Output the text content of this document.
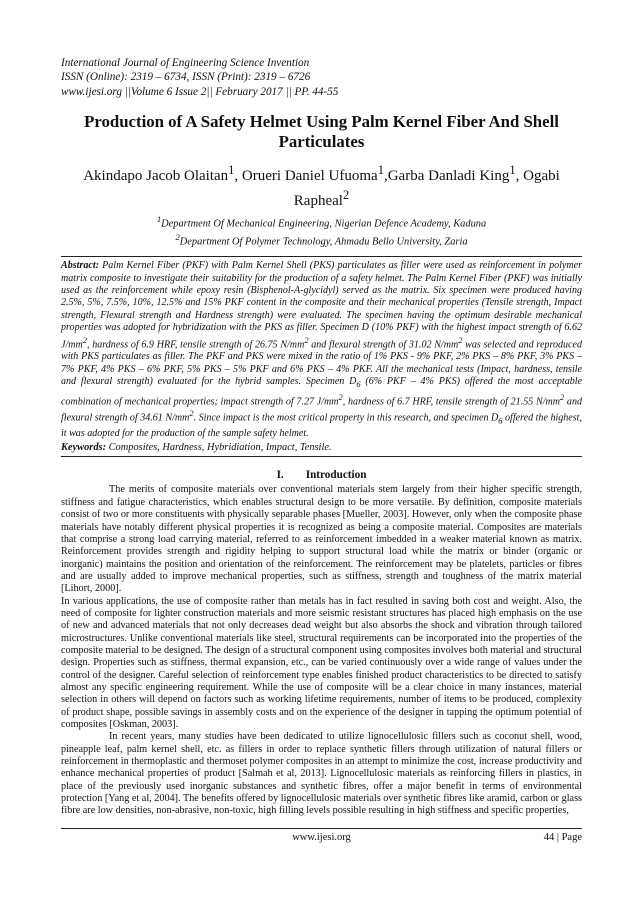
International Journal of Engineering Science Invention
ISSN (Online): 2319 – 6734, ISSN (Print): 2319 – 6726
www.ijesi.org ||Volume 6 Issue 2|| February 2017 || PP. 44-55
Production of A Safety Helmet Using Palm Kernel Fiber And Shell Particulates
Akindapo Jacob Olaitan$^1$, Orueri Daniel Ufuoma$^1$,Garba Danladi King$^1$, Ogabi Rapheal$^2$
$^1$Department Of Mechanical Engineering, Nigerian Defence Academy, Kaduna
$^2$Department Of Polymer Technology, Ahmadu Bello University, Zaria
Abstract: Palm Kernel Fiber (PKF) with Palm Kernel Shell (PKS) particulates as filler were used as reinforcement in polymer matrix composite to investigate their suitability for the production of a safety helmet. The Palm Kernel Fiber (PKF) was initially used as the reinforcement while epoxy resin (Bisphenol-A-glycidyl) served as the matrix. Six specimen were produced having 2.5%, 5%, 7.5%, 10%, 12.5% and 15% PKF content in the composite and their mechanical properties (Tensile strength, Impact strength, Flexural strength and Hardness strength) were evaluated. The specimen having the optimum desirable mechanical properties was adopted for hybridization with the PKS as filler. Specimen D (10% PKF) with the highest impact strength of 6.62 $J/mm^2$, hardness of 6.9 HRF, tensile strength of 26.75 $N/mm^2$ and flexural strength of 31.02 $N/mm^2$ was selected and reproduced with PKS particulates as filler. The PKF and PKS were mixed in the ratio of 1% PKS - 9% PKF, 2% PKS – 8% PKF, 3% PKS – 7% PKF, 4% PKS – 6% PKF, 5% PKS – 5% PKF and 6% PKS – 4% PKF. All the mechanical tests (Impact, hardness, tensile and flexural strength) evaluated for the hybrid samples. Specimen $D_6$ (6% PKF – 4% PKS) offered the most acceptable combination of mechanical properties; impact strength of 7.27 $J/mm^2$, hardness of 6.7 HRF, tensile strength of 21.55 $N/mm^2$ and flexural strength of 34.61 $N/mm^2$. Since impact is the most critical property in this research, and specimen $D_6$ offered the highest, it was adopted for the production of the sample safety helmet.
Keywords: Composites, Hardness, Hybridiation, Impact, Tensile.
I. Introduction

The merits of composite materials over conventional materials stem largely from their higher specific strength, stiffness and fatigue characteristics, which enables structural design to be more versatile. By definition, composite materials consist of two or more constituents with physically separable phases [Mueller, 2003]. However, only when the composite phase materials have notably different physical properties it is recognized as being a composite material. Composites are materials that comprise a strong load carrying material, referred to as reinforcement imbedded in a weaker material known as matrix. Reinforcement provides strength and rigidity helping to support structural load while the matrix or binder (organic or inorganic) maintains the position and orientation of the reinforcement. The reinforcement may be platelets, particles or fibres and are usually added to improve mechanical properties, such as stiffness, strength and toughness of the matrix material [Lihort, 2000].

In various applications, the use of composite rather than metals has in fact resulted in saving both cost and weight. Also, the need of composite for lighter construction materials and more seismic resistant structures has placed high emphasis on the use of new and advanced materials that not only decreases dead weight but also absorbs the shock and vibration through tailored microstructures. Unlike conventional materials like steel, structural requirements can be incorporated into the properties of the composite material to be designed. The design of a structural component using composites involves both material and structural design. Properties such as stiffness, thermal expansion, etc., can be varied continuously over a wide range of values under the control of the designer. Careful selection of reinforcement type enables finished product characteristics to be directed to satisfy almost any specific engineering requirement. While the use of composite will be a clear choice in many instances, material selection in others will depend on factors such as working lifetime requirements, number of items to be produced, complexity of product shape, possible savings in assembly costs and on the experience of the designer in tapping the optimum potential of composites [Oskman, 2003].

In recent years, many studies have been dedicated to utilize lignocellulosic fillers such as coconut shell, wood, pineapple leaf, palm kernel shell, etc. as fillers in order to replace synthetic fillers through utilization of natural fillers or reinforcement in thermoplastic and thermoset polymer composites in an attempt to minimize the cost, increase productivity and enhance mechanical properties of product [Salmah et al, 2013]. Lignocellulosic materials as reinforcing fillers in plastics, in place of the previously used inorganic substances and synthetic fibres, offer a major benefit in terms of environmental protection [Yang et al, 2004]. The benefits offered by lignocellulosic materials over synthetic fibres like aramid, carbon or glass fibre are low densities, non-abrasive, non-toxic, high filling levels possible resulting in high stiffness and specific properties,

www.ijesi.org	44 | Page
